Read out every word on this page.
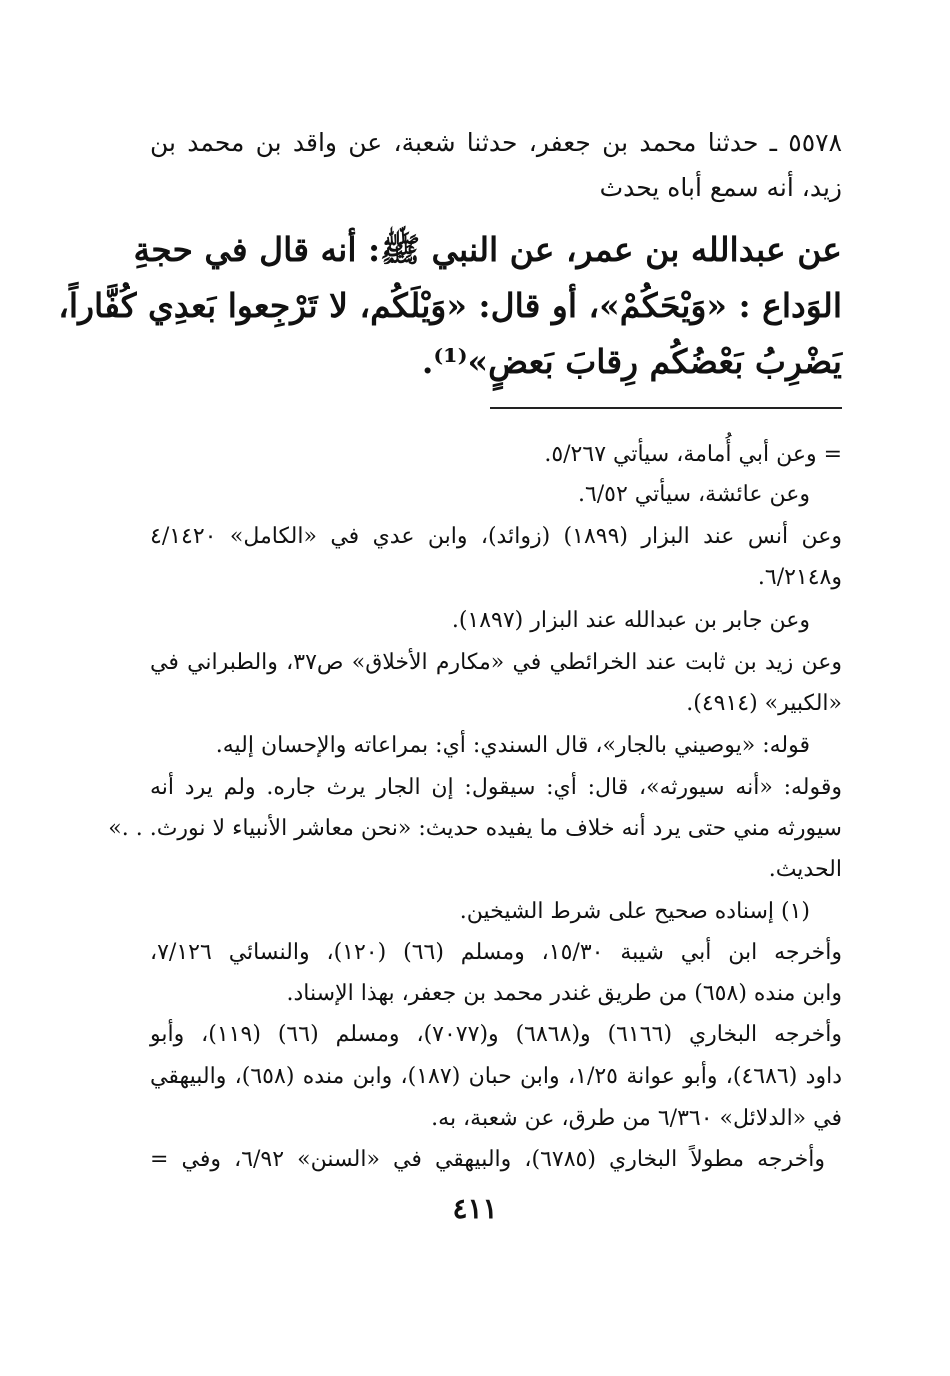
٥٥٧٨ ـ حدثنا محمد بن جعفر، حدثنا شعبة، عن واقد بن محمد بن
زيد، أنه سمع أباه يحدث
عن عبدالله بن عمر، عن النبي ﷺ: أنه قال في حجةِ
الوَداع : «وَيْحَكُمْ»، أو قال: «وَيْلَكُم، لا تَرْجِعوا بَعدِي كُفَّاراً،
يَضْرِبُ بَعْضُكُم رِقابَ بَعضٍ»⁽¹⁾.
= وعن أبي أُمامة، سيأتي ٥/٢٦٧.
وعن عائشة، سيأتي ٦/٥٢.
وعن أنس عند البزار (١٨٩٩) (زوائد)، وابن عدي في «الكامل» ٤/١٤٢٠
و٦/٢١٤٨.
وعن جابر بن عبدالله عند البزار (١٨٩٧).
وعن زيد بن ثابت عند الخرائطي في «مكارم الأخلاق» ص٣٧، والطبراني في
«الكبير» (٤٩١٤).
قوله: «يوصيني بالجار»، قال السندي: أي: بمراعاته والإحسان إليه.
وقوله: «أنه سيورثه»، قال: أي: سيقول: إن الجار يرث جاره. ولم يرد أنه
سيورثه مني حتى يرد أنه خلاف ما يفيده حديث: «نحن معاشر الأنبياء لا نورث. . .»
الحديث.
(١) إسناده صحيح على شرط الشيخين.
وأخرجه ابن أبي شيبة ١٥/٣٠، ومسلم (٦٦) (١٢٠)، والنسائي ٧/١٢٦،
وابن منده (٦٥٨) من طريق غندر محمد بن جعفر، بهذا الإسناد.
وأخرجه البخاري (٦١٦٦) و(٦٨٦٨) و(٧٠٧٧)، ومسلم (٦٦) (١١٩)، وأبو
داود (٤٦٨٦)، وأبو عوانة ١/٢٥، وابن حبان (١٨٧)، وابن منده (٦٥٨)، والبيهقي
في «الدلائل» ٦/٣٦٠ من طرق، عن شعبة، به.
وأخرجه مطولاً البخاري (٦٧٨٥)، والبيهقي في «السنن» ٦/٩٢، وفي =
٤١١
